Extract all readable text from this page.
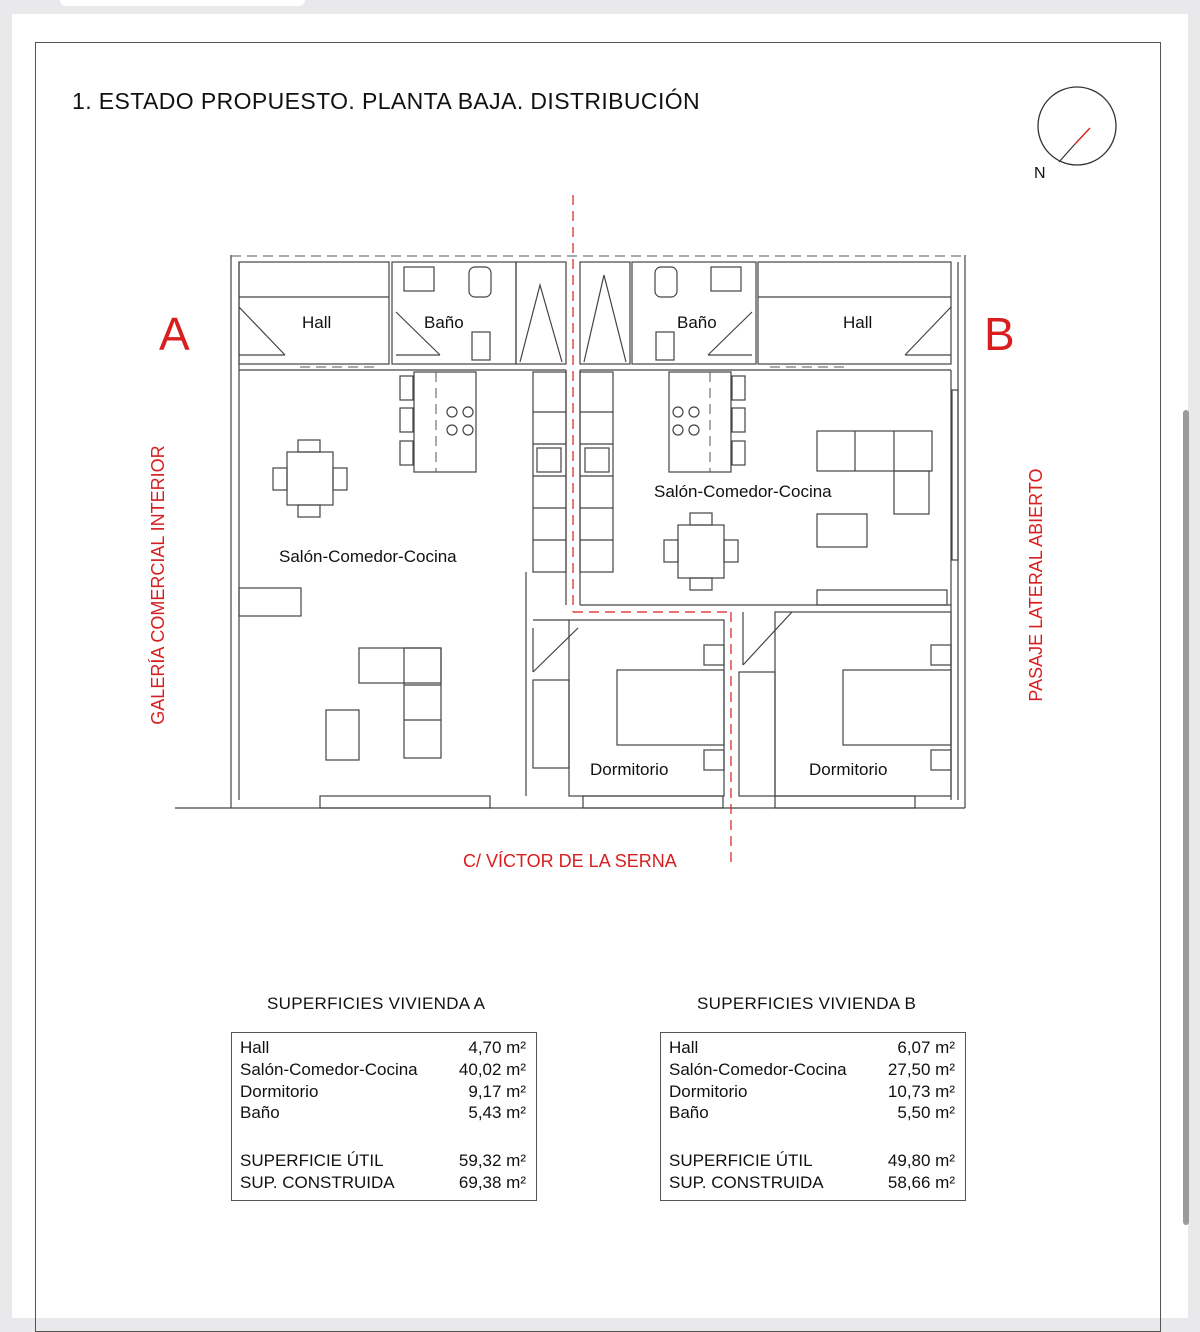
1. ESTADO PROPUESTO. PLANTA BAJA. DISTRIBUCIÓN
N
Hall	Baño
Salón-Comedor-Cocina
Dormitorio
Baño	Hall
Salón-Comedor-Cocina
Dormitorio
A	B
GALERÍA COMERCIAL INTERIOR	PASAJE LATERAL ABIERTO
C/ VÍCTOR DE LA SERNA
SUPERFICIES VIVIENDA A
Hall	4,70 m²
Salón-Comedor-Cocina 40,02 m²
Dormitorio	9,17 m²
Baño	5,43 m²
SUPERFICIE ÚTIL	59,32 m²
SUP. CONSTRUIDA	69,38 m²
SUPERFICIES VIVIENDA B
Hall	6,07 m²
Salón-Comedor-Cocina 27,50 m²
Dormitorio	10,73 m²
Baño	5,50 m²
SUPERFICIE ÚTIL	49,80 m²
SUP. CONSTRUIDA	58,66 m²
